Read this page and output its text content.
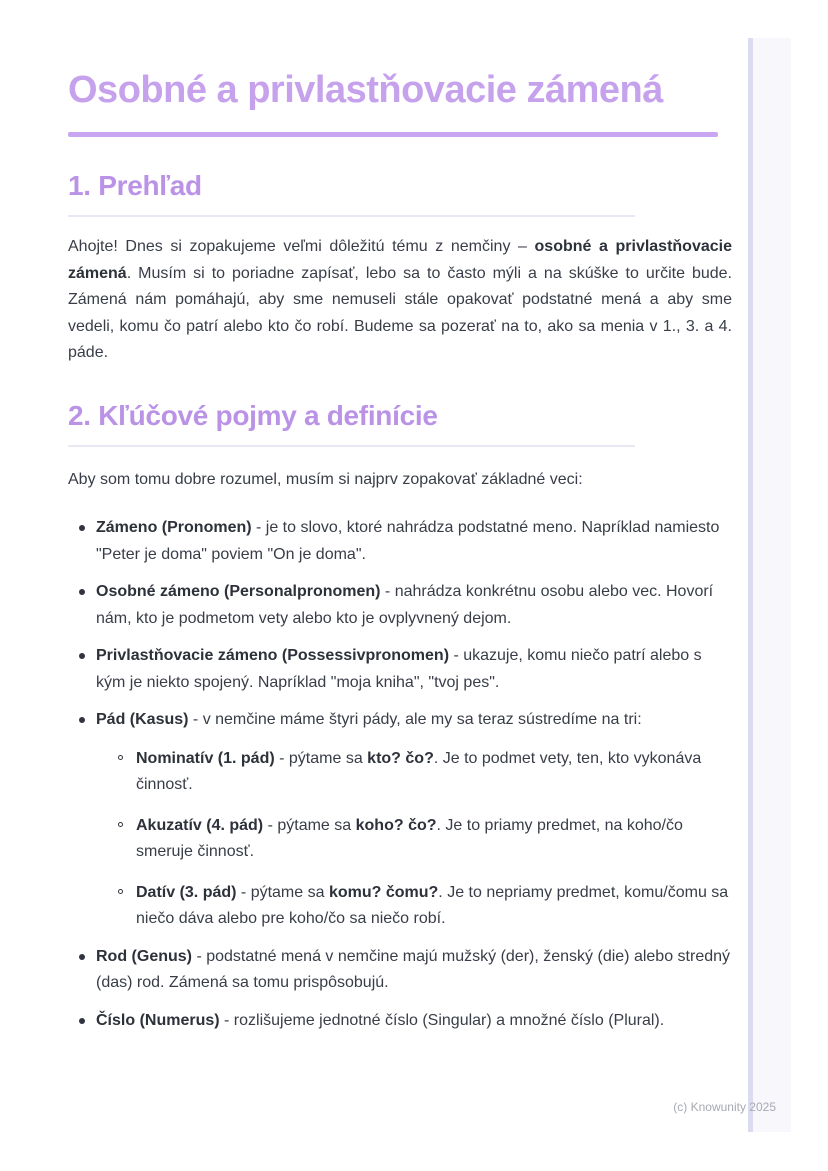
Osobné a privlastňovacie zámená
1. Prehľad

Ahojte! Dnes si zopakujeme veľmi dôležitú tému z nemčiny – osobné a privlastňovacie zámená. Musím si to poriadne zapísať, lebo sa to často mýli a na skúške to určite bude. Zámená nám pomáhajú, aby sme nemuseli stále opakovať podstatné mená a aby sme vedeli, komu čo patrí alebo kto čo robí. Budeme sa pozerať na to, ako sa menia v 1., 3. a 4. páde.

2. Kľúčové pojmy a definície

Aby som tomu dobre rozumel, musím si najprv zopakovať základné veci:

Zámeno (Pronomen) - je to slovo, ktoré nahrádza podstatné meno. Napríklad namiesto "Peter je doma" poviem "On je doma".
Osobné zámeno (Personalpronomen) - nahrádza konkrétnu osobu alebo vec. Hovorí nám, kto je podmetom vety alebo kto je ovplyvnený dejom.
Privlastňovacie zámeno (Possessivpronomen) - ukazuje, komu niečo patrí alebo s kým je niekto spojený. Napríklad "moja kniha", "tvoj pes".
Pád (Kasus) - v nemčine máme štyri pády, ale my sa teraz sústredíme na tri:
Nominatív (1. pád) - pýtame sa kto? čo?. Je to podmet vety, ten, kto vykonáva činnosť.
Akuzatív (4. pád) - pýtame sa koho? čo?. Je to priamy predmet, na koho/čo smeruje činnosť.
Datív (3. pád) - pýtame sa komu? čomu?. Je to nepriamy predmet, komu/čomu sa niečo dáva alebo pre koho/čo sa niečo robí.
Rod (Genus) - podstatné mená v nemčine majú mužský (der), ženský (die) alebo stredný (das) rod. Zámená sa tomu prispôsobujú.
Číslo (Numerus) - rozlišujeme jednotné číslo (Singular) a množné číslo (Plural).
(c) Knowunity 2025
